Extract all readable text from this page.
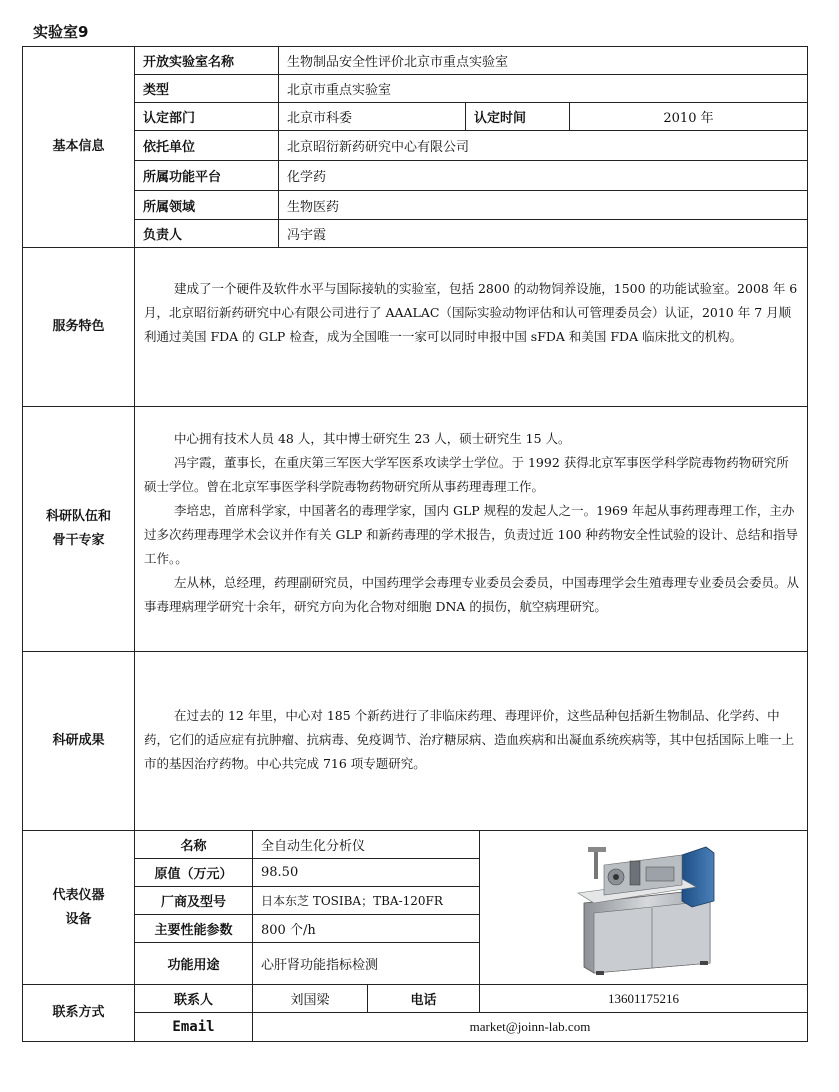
实验室9
基本信息
开放实验室名称	生物制品安全性评价北京市重点实验室
类型	北京市重点实验室
认定部门	北京市科委	认定时间	2010 年
依托单位	北京昭衍新药研究中心有限公司
所属功能平台	化学药
所属领域	生物医药
负责人	冯宇霞
服务特色

建成了一个硬件及软件水平与国际接轨的实验室，包括 2800 的动物饲养设施，1500 的功能试验室。2008 年 6 月，北京昭衍新药研究中心有限公司进行了 AAALAC（国际实验动物评估和认可管理委员会）认证，2010 年 7 月顺利通过美国 FDA 的 GLP 检查，成为全国唯一一家可以同时申报中国 sFDA 和美国 FDA 临床批文的机构。

科研队伍和
骨干专家

中心拥有技术人员 48 人，其中博士研究生 23 人，硕士研究生 15 人。

冯宇霞，董事长，在重庆第三军医大学军医系攻读学士学位。于 1992 获得北京军事医学科学院毒物药物研究所硕士学位。曾在北京军事医学科学院毒物药物研究所从事药理毒理工作。

李培忠，首席科学家，中国著名的毒理学家，国内 GLP 规程的发起人之一。1969 年起从事药理毒理工作，主办过多次药理毒理学术会议并作有关 GLP 和新药毒理的学术报告，负责过近 100 种药物安全性试验的设计、总结和指导工作。。

左从林，总经理，药理副研究员，中国药理学会毒理专业委员会委员，中国毒理学会生殖毒理专业委员会委员。从事毒理病理学研究十余年，研究方向为化合物对细胞 DNA 的损伤，航空病理研究。

科研成果

在过去的 12 年里，中心对 185 个新药进行了非临床药理、毒理评价，这些品种包括新生物制品、化学药、中药，它们的适应症有抗肿瘤、抗病毒、免疫调节、治疗糖尿病、造血疾病和出凝血系统疾病等，其中包括国际上唯一上市的基因治疗药物。中心共完成 716 项专题研究。

代表仪器
设备
名称	全自动生化分析仪
原值（万元）	98.50
厂商及型号	日本东芝 TOSIBA；TBA-120FR
主要性能参数	800 个/h
功能用途	心肝肾功能指标检测
联系方式
联系人	刘国梁	电话	13601175216
Email	market@joinn-lab.com
